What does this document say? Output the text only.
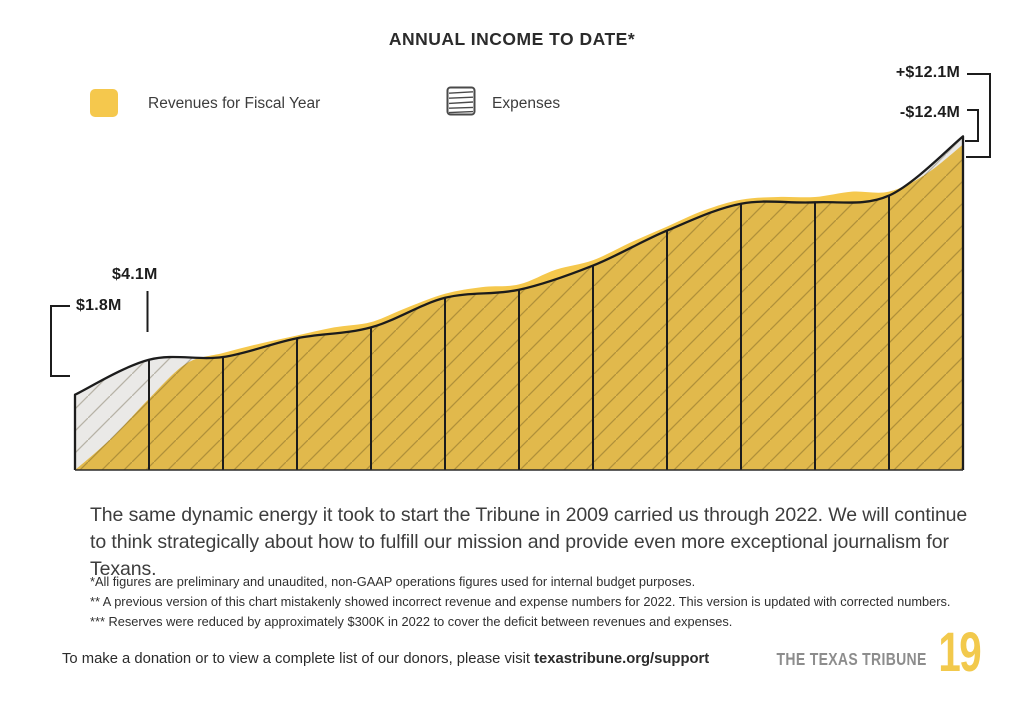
ANNUAL INCOME TO DATE*
Revenues for Fiscal Year	Expenses
$1.8M
$4.1M
+$12.1M
-$12.4M
The same dynamic energy it took to start the Tribune in 2009 carried us through 2022. We will continue to think strategically about how to fulfill our mission and provide even more exceptional journalism for Texans.
*All figures are preliminary and unaudited, non-GAAP operations figures used for internal budget purposes.
** A previous version of this chart mistakenly showed incorrect revenue and expense numbers for 2022. This version is updated with corrected numbers.
*** Reserves were reduced by approximately $300K in 2022 to cover the deficit between revenues and expenses.
To make a donation or to view a complete list of our donors, please visit texastribune.org/support	THE TEXAS TRIBUNE 19
